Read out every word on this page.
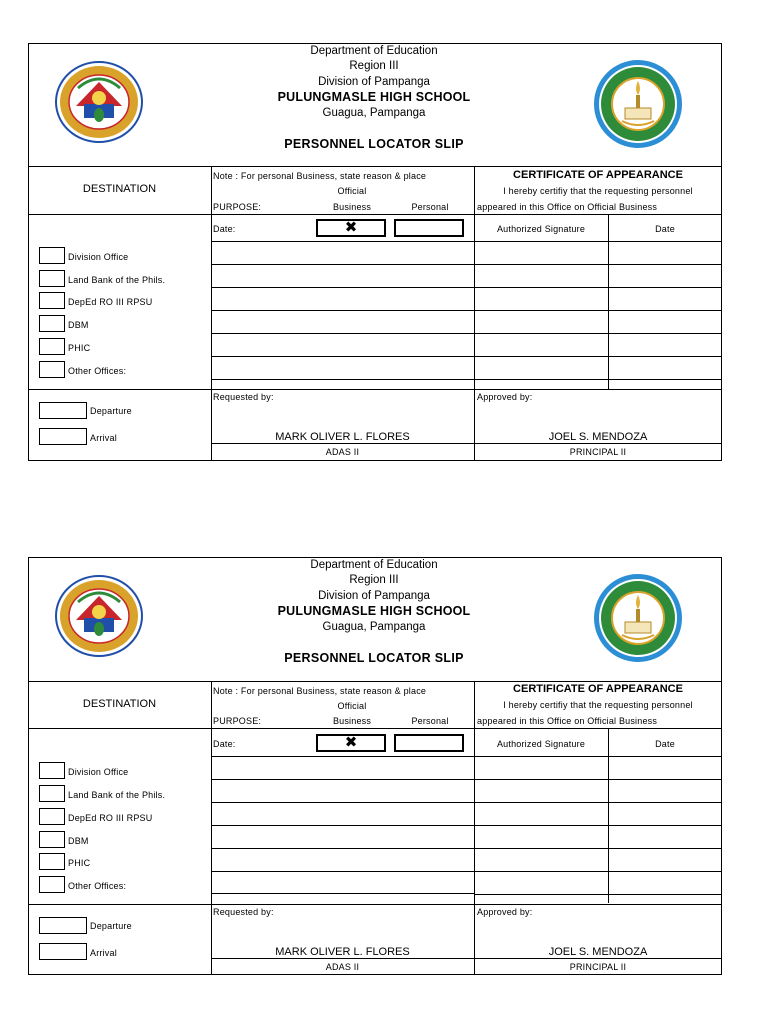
Department of Education
Region III
Division of Pampanga
PULUNGMASLE HIGH SCHOOL
Guagua, Pampanga
PERSONNEL LOCATOR SLIP
DESTINATION
Division Office
Land Bank of the Phils.
DepEd RO III RPSU
DBM
PHIC
Other Offices:
Note : For personal Business, state reason & place
Official
PURPOSE:	Business	Personal
Date:	✖
CERTIFICATE OF APPEARANCE
I hereby certifiy that the requesting personnel
appeared in this Office on Official Business
Authorized Signature	Date
Departure
Arrival
Requested by:
MARK OLIVER L. FLORES
ADAS II
Approved by:
JOEL S. MENDOZA
PRINCIPAL II
Department of Education
Region III
Division of Pampanga
PULUNGMASLE HIGH SCHOOL
Guagua, Pampanga
PERSONNEL LOCATOR SLIP
DESTINATION
Division Office
Land Bank of the Phils.
DepEd RO III RPSU
DBM
PHIC
Other Offices:
Note : For personal Business, state reason & place
Official
PURPOSE:	Business	Personal
Date:	✖
CERTIFICATE OF APPEARANCE
I hereby certifiy that the requesting personnel
appeared in this Office on Official Business
Authorized Signature	Date
Departure
Arrival
Requested by:
MARK OLIVER L. FLORES
ADAS II
Approved by:
JOEL S. MENDOZA
PRINCIPAL II
